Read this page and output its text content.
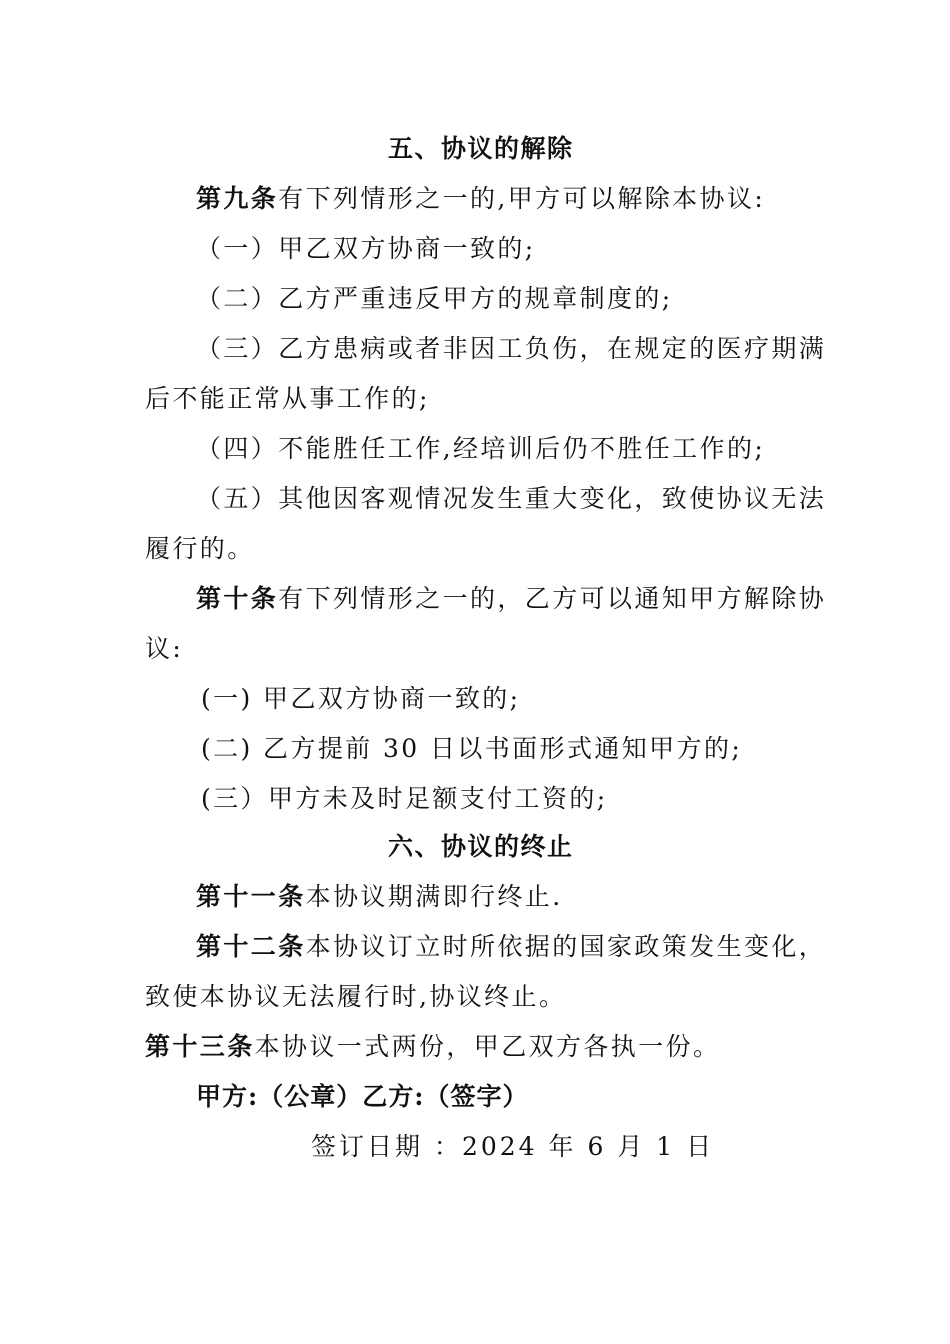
五、协议的解除
第九条有下列情形之一的,甲方可以解除本协议:
（一）甲乙双方协商一致的;
（二）乙方严重违反甲方的规章制度的;
（三）乙方患病或者非因工负伤，在规定的医疗期满
后不能正常从事工作的;
（四）不能胜任工作,经培训后仍不胜任工作的;
（五）其他因客观情况发生重大变化，致使协议无法
履行的。
第十条有下列情形之一的，乙方可以通知甲方解除协
议:
(一) 甲乙双方协商一致的;
(二) 乙方提前 30 日以书面形式通知甲方的;
(三）甲方未及时足额支付工资的;
六、协议的终止
第十一条本协议期满即行终止.
第十二条本协议订立时所依据的国家政策发生变化，
致使本协议无法履行时,协议终止。
第十三条本协议一式两份，甲乙双方各执一份。
甲方:（公章）乙方:（签字）
签订日期 ：2024 年 6 月 1 日
